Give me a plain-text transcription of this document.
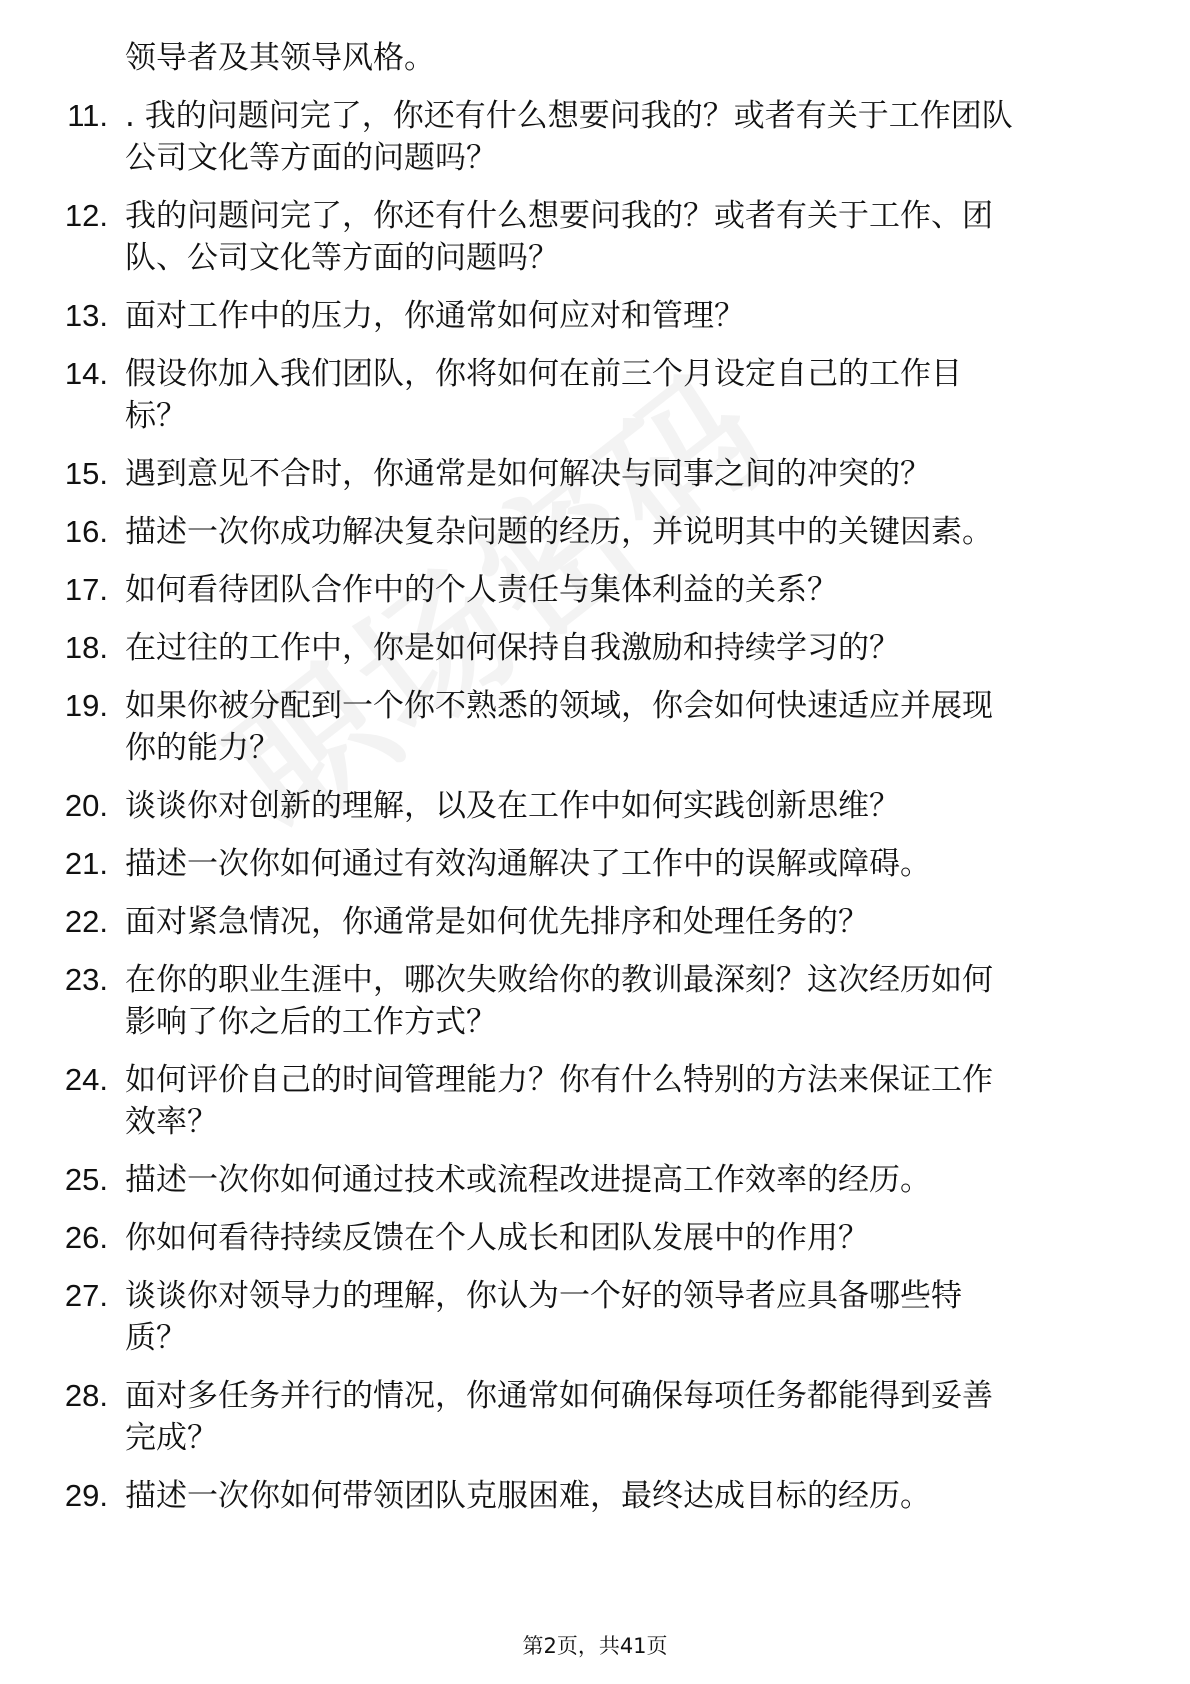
领导者及其领导风格。
11. . 我的问题问完了，你还有什么想要问我的？或者有关于工作团队
公司文化等方面的问题吗？
12. 我的问题问完了，你还有什么想要问我的？或者有关于工作、团
队、公司文化等方面的问题吗？
13. 面对工作中的压力，你通常如何应对和管理？
14. 假设你加入我们团队，你将如何在前三个月设定自己的工作目
标？
15. 遇到意见不合时，你通常是如何解决与同事之间的冲突的？
16. 描述一次你成功解决复杂问题的经历，并说明其中的关键因素。
17. 如何看待团队合作中的个人责任与集体利益的关系？
18. 在过往的工作中，你是如何保持自我激励和持续学习的？
19. 如果你被分配到一个你不熟悉的领域，你会如何快速适应并展现
你的能力？
20. 谈谈你对创新的理解，以及在工作中如何实践创新思维？
21. 描述一次你如何通过有效沟通解决了工作中的误解或障碍。
22. 面对紧急情况，你通常是如何优先排序和处理任务的？
23. 在你的职业生涯中，哪次失败给你的教训最深刻？这次经历如何
影响了你之后的工作方式？
24. 如何评价自己的时间管理能力？你有什么特别的方法来保证工作
效率？
25. 描述一次你如何通过技术或流程改进提高工作效率的经历。
26. 你如何看待持续反馈在个人成长和团队发展中的作用？
27. 谈谈你对领导力的理解，你认为一个好的领导者应具备哪些特
质？
28. 面对多任务并行的情况，你通常如何确保每项任务都能得到妥善
完成？
29. 描述一次你如何带领团队克服困难，最终达成目标的经历。
第2页，共41页
